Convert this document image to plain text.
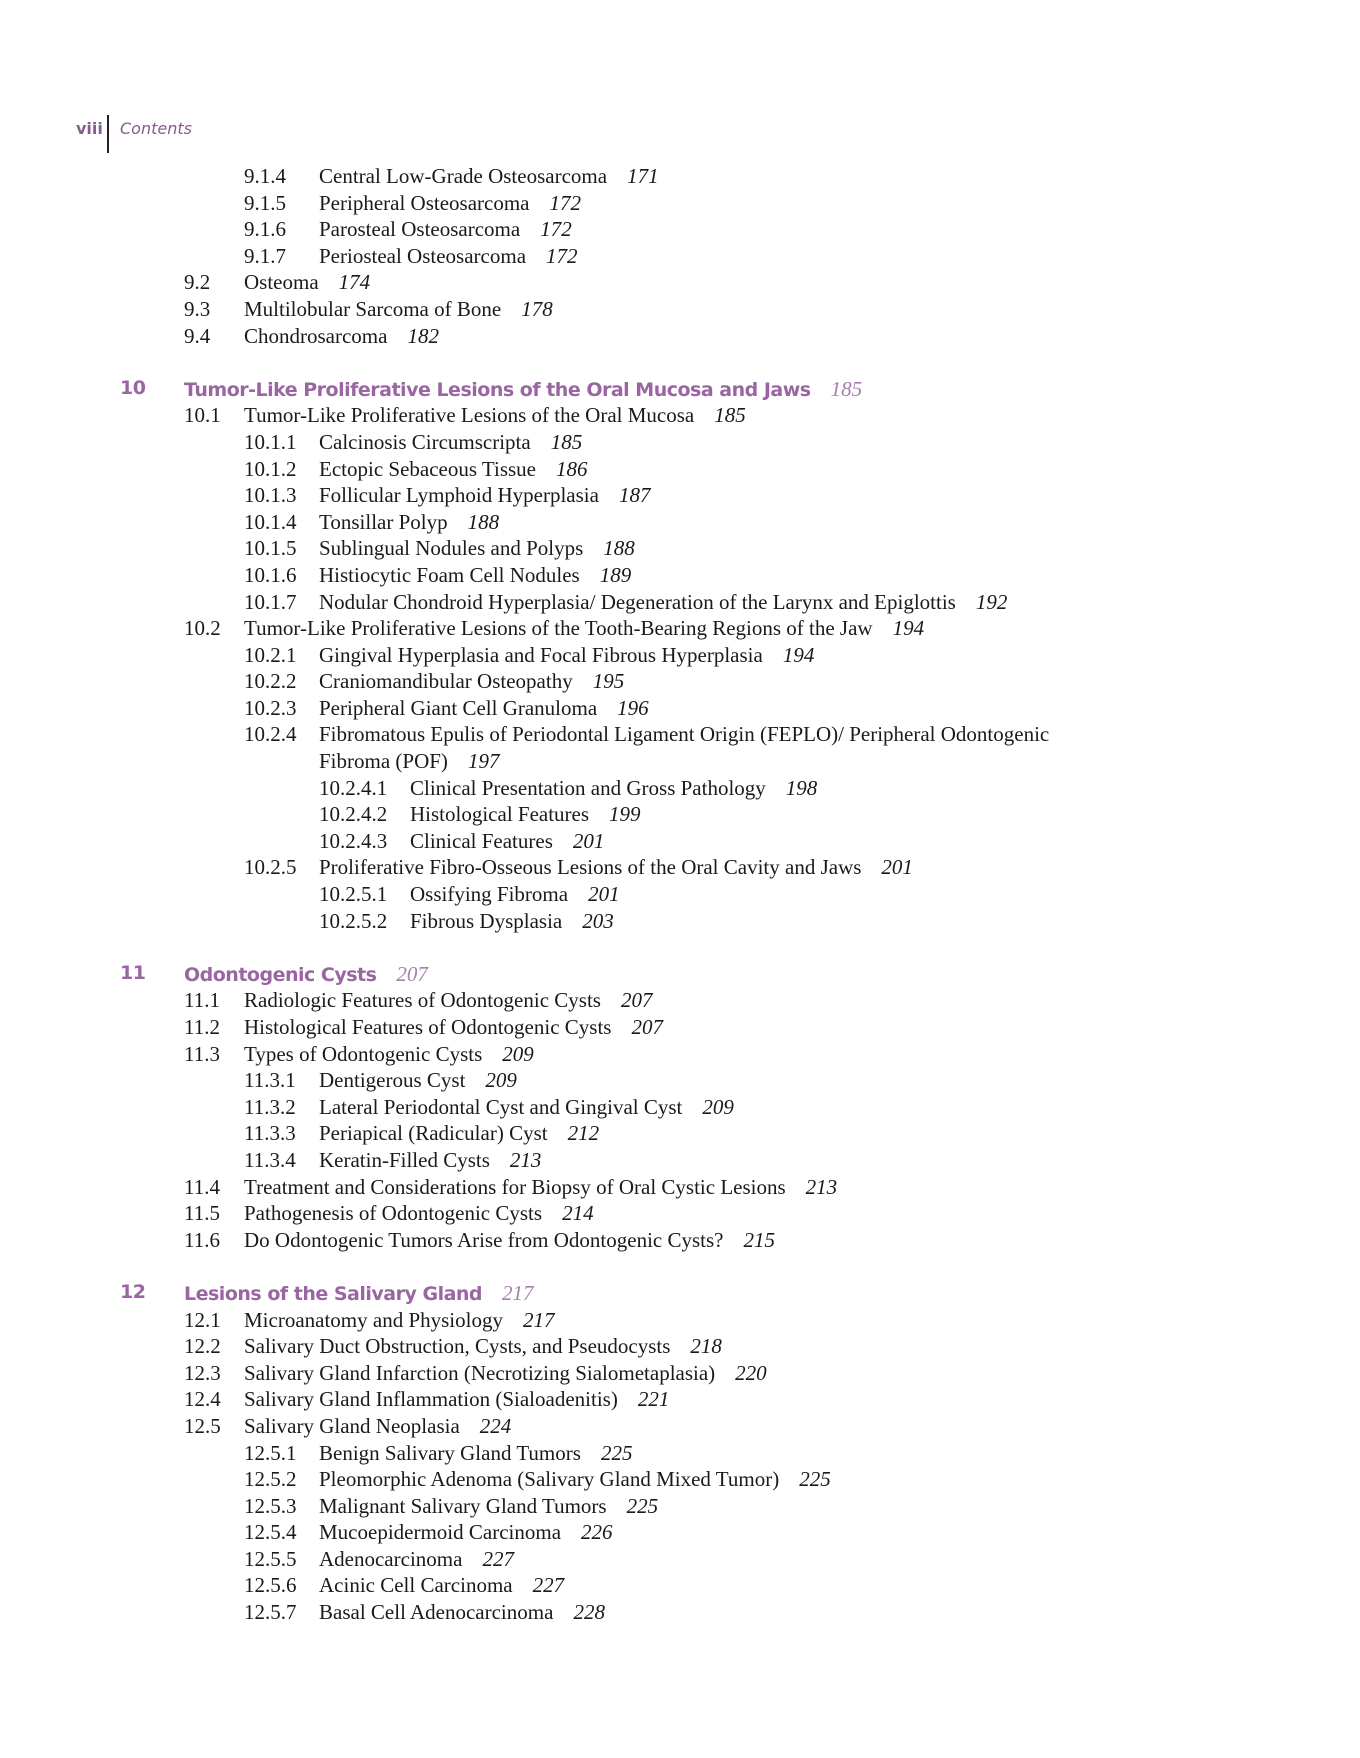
viii Contents
9.1.4 Central Low-Grade Osteosarcoma 171
9.1.5 Peripheral Osteosarcoma 172
9.1.6 Parosteal Osteosarcoma 172
9.1.7 Periosteal Osteosarcoma 172
9.2 Osteoma 174
9.3 Multilobular Sarcoma of Bone 178
9.4 Chondrosarcoma 182
10 Tumor-Like Proliferative Lesions of the Oral Mucosa and Jaws 185
10.1 Tumor-Like Proliferative Lesions of the Oral Mucosa 185
10.1.1 Calcinosis Circumscripta 185
10.1.2 Ectopic Sebaceous Tissue 186
10.1.3 Follicular Lymphoid Hyperplasia 187
10.1.4 Tonsillar Polyp 188
10.1.5 Sublingual Nodules and Polyps 188
10.1.6 Histiocytic Foam Cell Nodules 189
10.1.7 Nodular Chondroid Hyperplasia/ Degeneration of the Larynx and Epiglottis 192
10.2 Tumor-Like Proliferative Lesions of the Tooth-Bearing Regions of the Jaw 194
10.2.1 Gingival Hyperplasia and Focal Fibrous Hyperplasia 194
10.2.2 Craniomandibular Osteopathy 195
10.2.3 Peripheral Giant Cell Granuloma 196
10.2.4 Fibromatous Epulis of Periodontal Ligament Origin (FEPLO)/ Peripheral Odontogenic
Fibroma (POF) 197
10.2.4.1 Clinical Presentation and Gross Pathology 198
10.2.4.2 Histological Features 199
10.2.4.3 Clinical Features 201
10.2.5 Proliferative Fibro-Osseous Lesions of the Oral Cavity and Jaws 201
10.2.5.1 Ossifying Fibroma 201
10.2.5.2 Fibrous Dysplasia 203
11 Odontogenic Cysts 207
11.1 Radiologic Features of Odontogenic Cysts 207
11.2 Histological Features of Odontogenic Cysts 207
11.3 Types of Odontogenic Cysts 209
11.3.1 Dentigerous Cyst 209
11.3.2 Lateral Periodontal Cyst and Gingival Cyst 209
11.3.3 Periapical (Radicular) Cyst 212
11.3.4 Keratin-Filled Cysts 213
11.4 Treatment and Considerations for Biopsy of Oral Cystic Lesions 213
11.5 Pathogenesis of Odontogenic Cysts 214
11.6 Do Odontogenic Tumors Arise from Odontogenic Cysts? 215
12 Lesions of the Salivary Gland 217
12.1 Microanatomy and Physiology 217
12.2 Salivary Duct Obstruction, Cysts, and Pseudocysts 218
12.3 Salivary Gland Infarction (Necrotizing Sialometaplasia) 220
12.4 Salivary Gland Inflammation (Sialoadenitis) 221
12.5 Salivary Gland Neoplasia 224
12.5.1 Benign Salivary Gland Tumors 225
12.5.2 Pleomorphic Adenoma (Salivary Gland Mixed Tumor) 225
12.5.3 Malignant Salivary Gland Tumors 225
12.5.4 Mucoepidermoid Carcinoma 226
12.5.5 Adenocarcinoma 227
12.5.6 Acinic Cell Carcinoma 227
12.5.7 Basal Cell Adenocarcinoma 228
